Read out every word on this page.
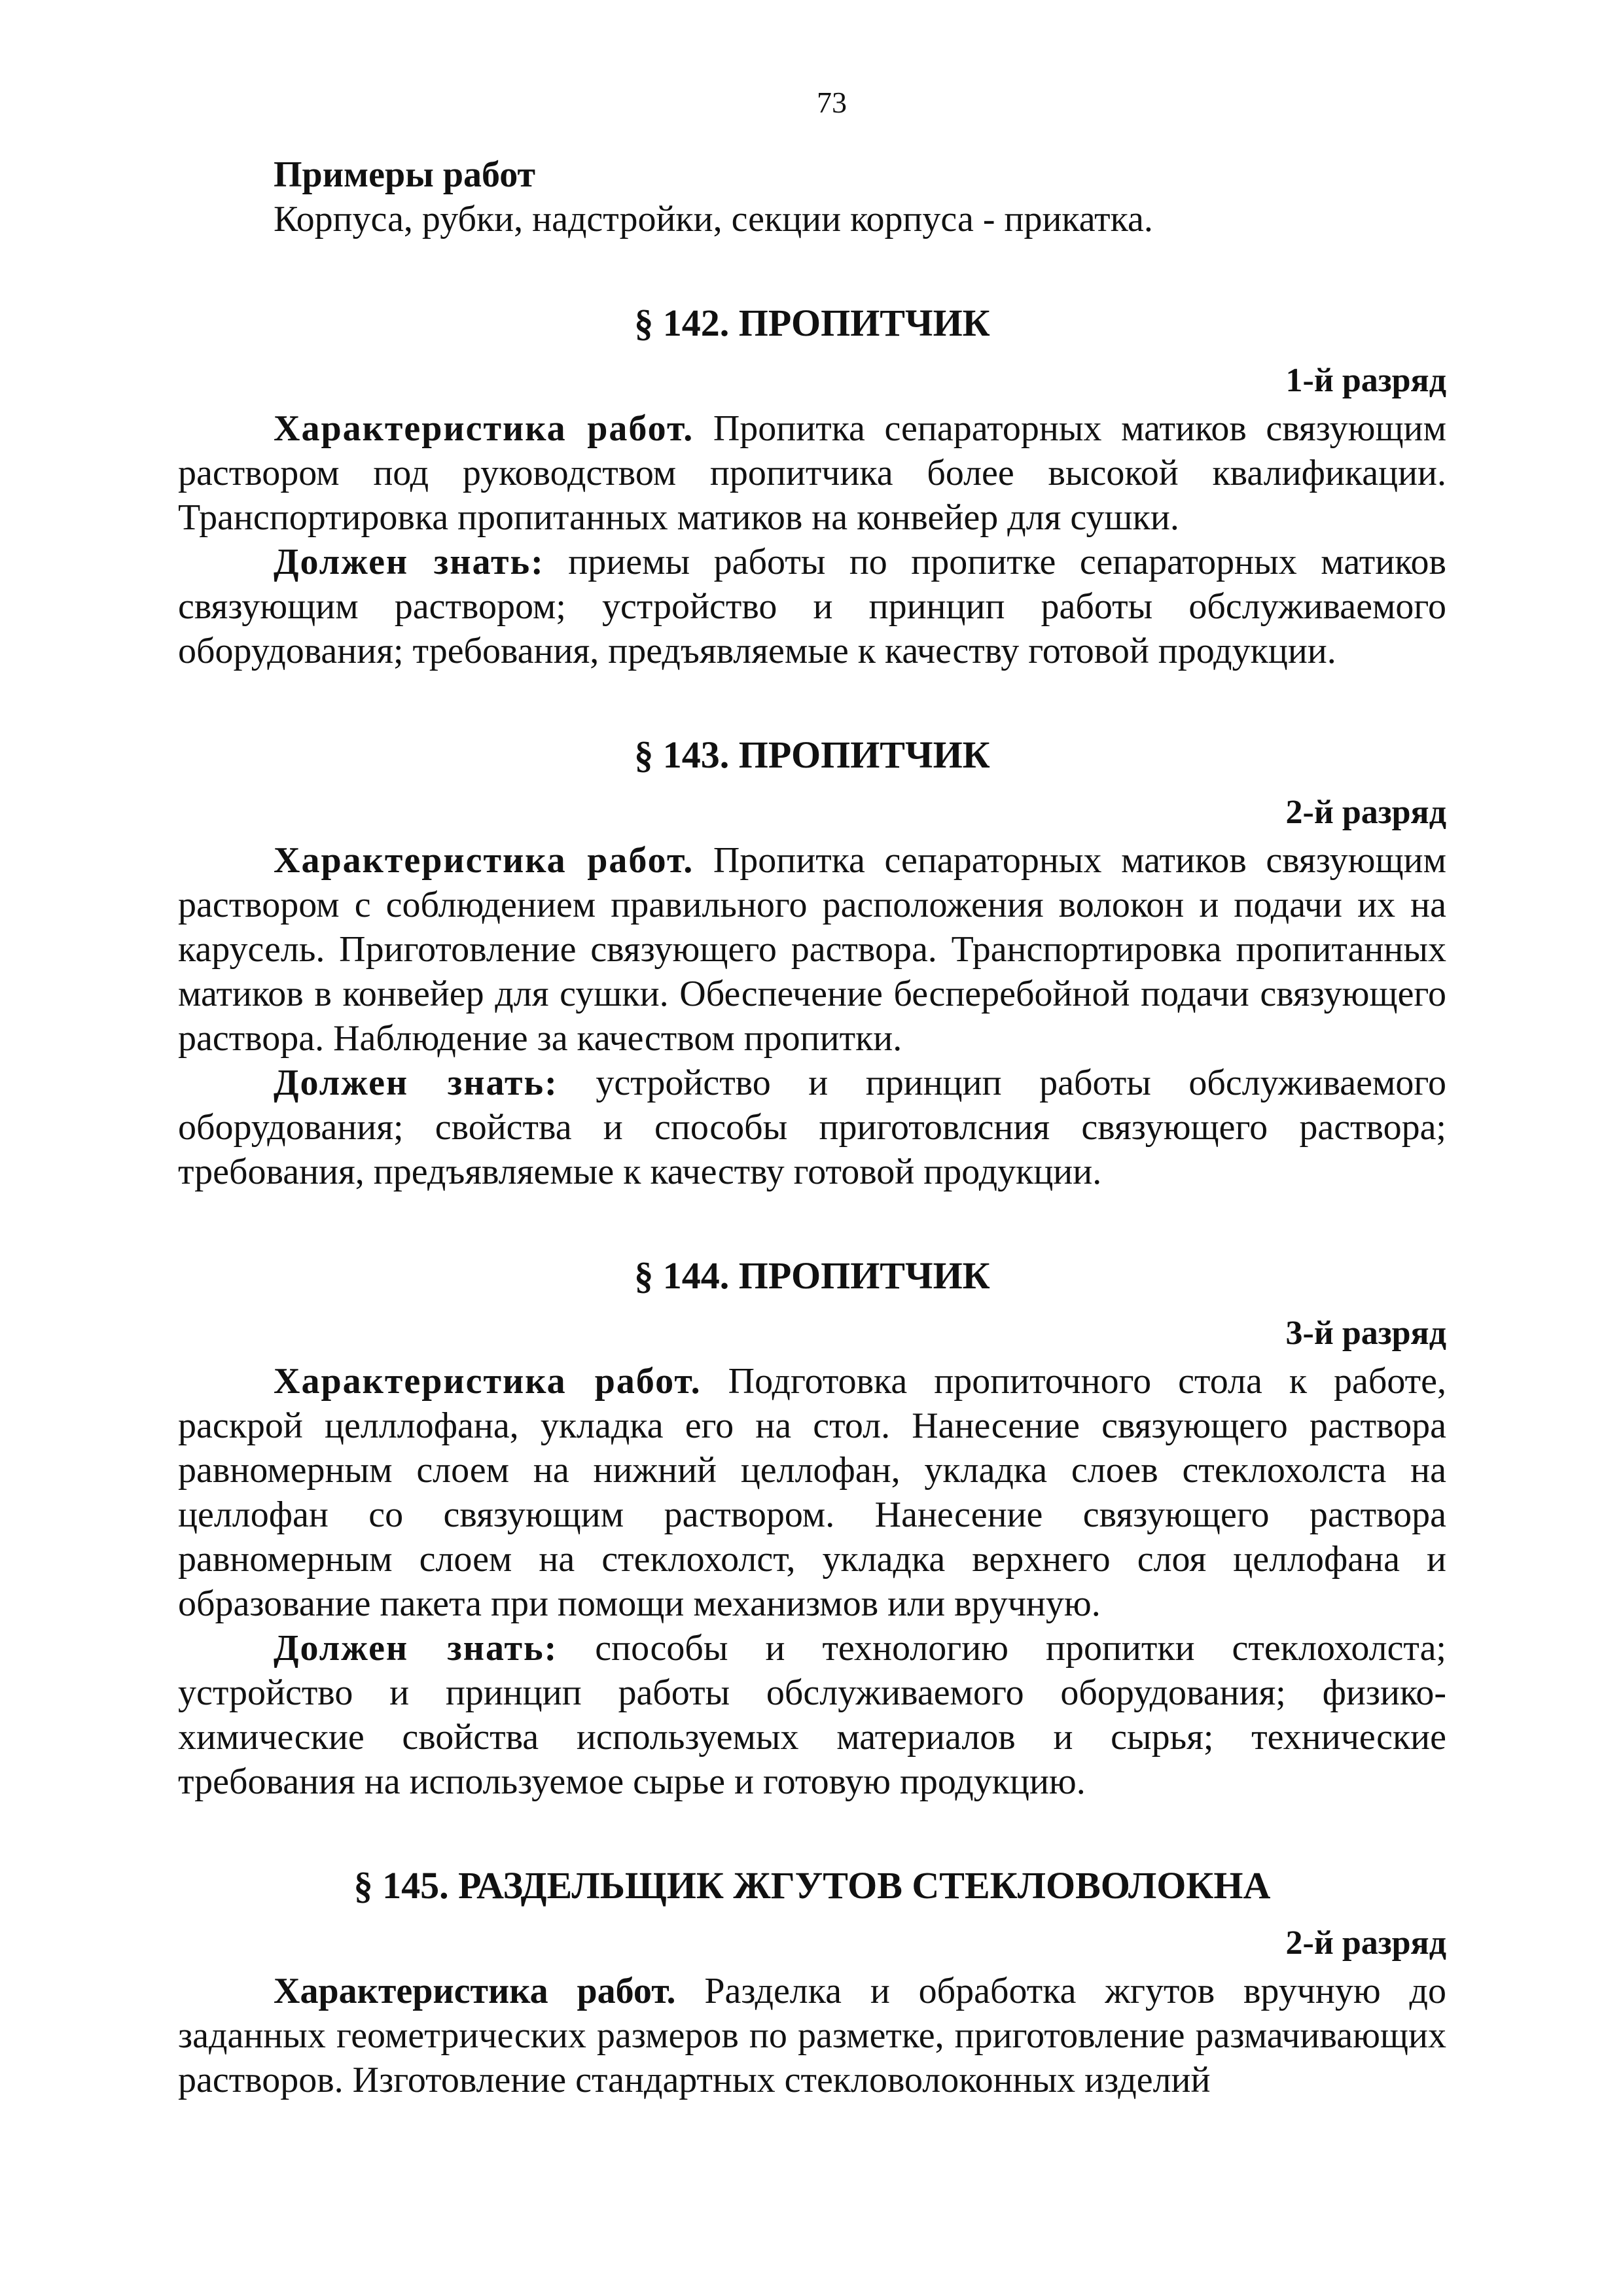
73

Примеры работ

Корпуса, рубки, надстройки, секции корпуса - прикатка.

§ 142. ПРОПИТЧИК
1-й разряд

Характеристика работ. Пропитка сепараторных матиков связующим раствором под руководством пропитчика более высокой квалификации. Транспортировка пропитанных матиков на конвейер для сушки.

Должен знать: приемы работы по пропитке сепараторных матиков связующим раствором; устройство и принцип работы обслуживаемого оборудования; требования, предъявляемые к качеству готовой продукции.

§ 143. ПРОПИТЧИК
2-й разряд

Характеристика работ. Пропитка сепараторных матиков связующим раствором с соблюдением правильного расположения волокон и подачи их на карусель. Приготовление связующего раствора. Транспортировка пропитанных матиков в конвейер для сушки. Обеспечение бесперебойной подачи связующего раствора. Наблюдение за качеством пропитки.

Должен знать: устройство и принцип работы обслуживаемого оборудования; свойства и способы приготовлсния связующего раствора; требования, предъявляемые к качеству готовой продукции.

§ 144. ПРОПИТЧИК
3-й разряд

Характеристика работ. Подготовка пропиточного стола к работе, раскрой целллофана, укладка его на стол. Нанесение связующего раствора равномерным слоем на нижний целлофан, укладка слоев стеклохолста на целлофан со связующим раствором. Нанесение связующего раствора равномерным слоем на стеклохолст, укладка верхнего слоя целлофана и образование пакета при помощи механизмов или вручную.

Должен знать: способы и технологию пропитки стеклохолста; устройство и принцип работы обслуживаемого оборудования; физико-химические свойства используемых материалов и сырья; технические требования на используемое сырье и готовую продукцию.

§ 145. РАЗДЕЛЬЩИК ЖГУТОВ СТЕКЛОВОЛОКНА
2-й разряд

Характеристика работ. Разделка и обработка жгутов вручную до заданных геометрических размеров по разметке, приготовление размачивающих растворов. Изготовление стандартных стекловолоконных изделий
